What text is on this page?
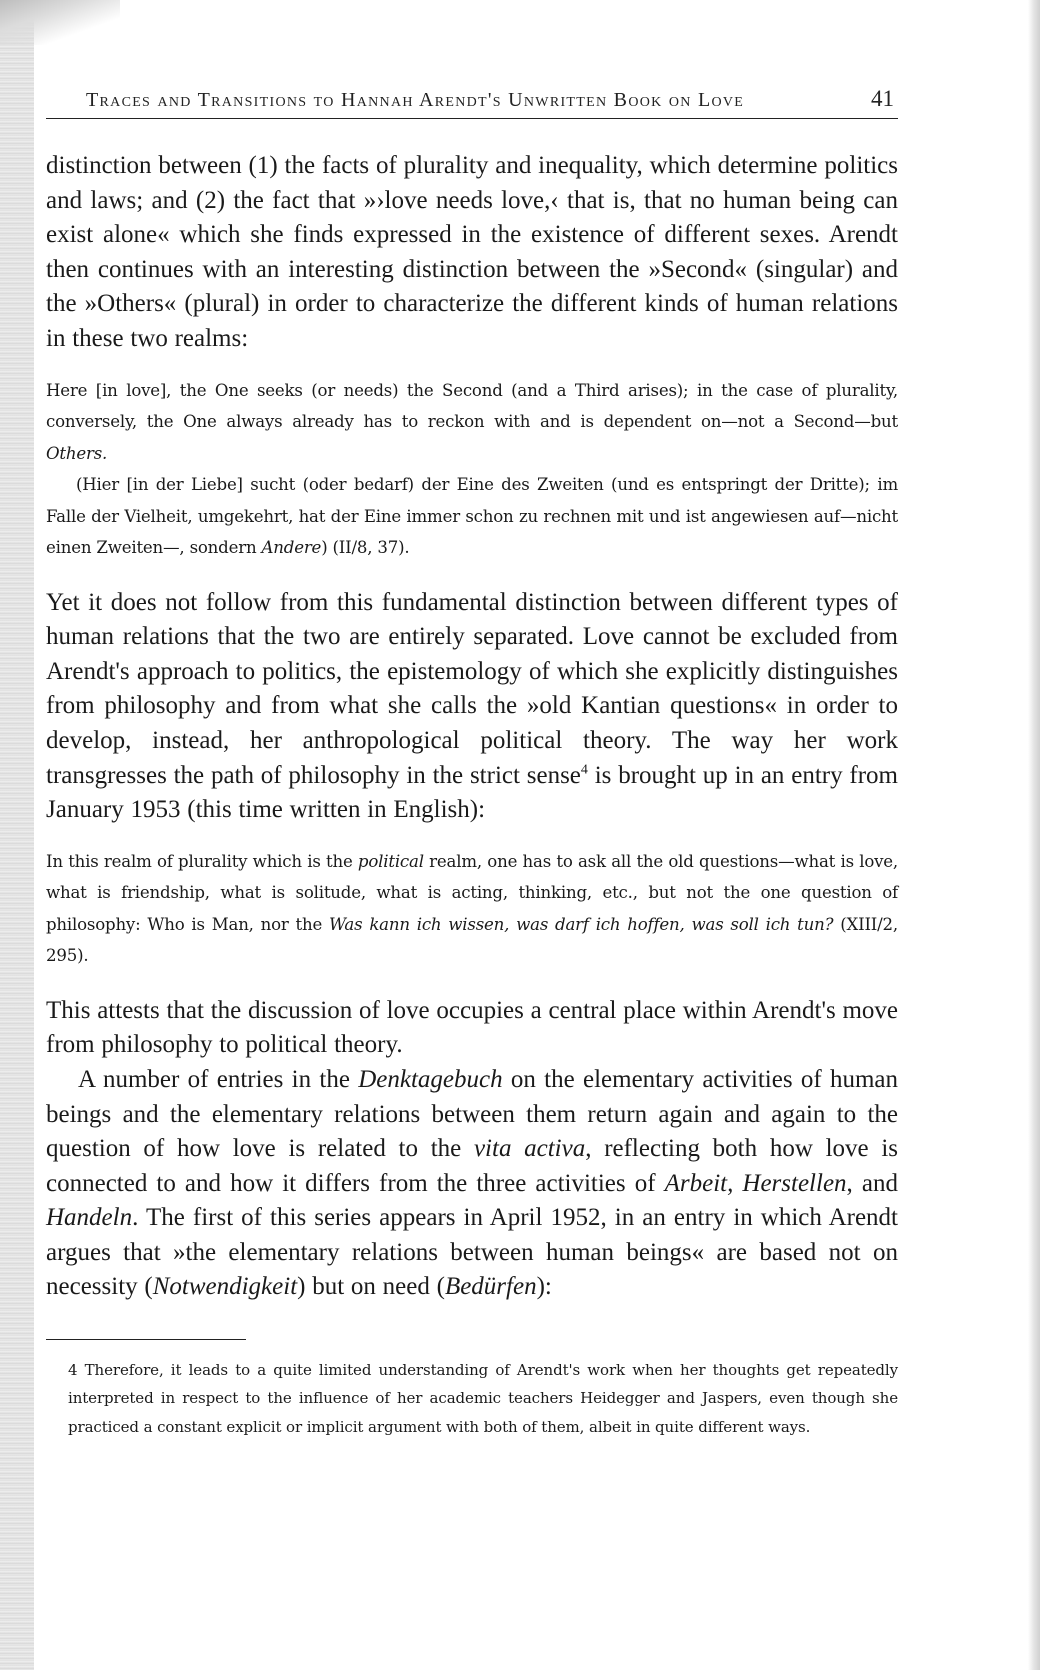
Traces and Transitions to Hannah Arendt's Unwritten Book on Love	41

distinction between (1) the facts of plurality and inequality, which determine politics and laws; and (2) the fact that »›love needs love,‹ that is, that no human being can exist alone« which she finds expressed in the existence of different sexes. Arendt then continues with an interesting distinction between the »Second« (singular) and the »Others« (plural) in order to characterize the different kinds of human relations in these two realms:

Here [in love], the One seeks (or needs) the Second (and a Third arises); in the case of plurality, conversely, the One always already has to reckon with and is dependent on—not a Second—but Others.

(Hier [in der Liebe] sucht (oder bedarf) der Eine des Zweiten (und es entspringt der Dritte); im Falle der Vielheit, umgekehrt, hat der Eine immer schon zu rechnen mit und ist angewiesen auf—nicht einen Zweiten—, sondern Andere) (II/8, 37).

Yet it does not follow from this fundamental distinction between different types of human relations that the two are entirely separated. Love cannot be excluded from Arendt's approach to politics, the epistemology of which she explicitly distinguishes from philosophy and from what she calls the »old Kantian questions« in order to develop, instead, her anthropological political theory. The way her work transgresses the path of philosophy in the strict sense$^4$ is brought up in an entry from January 1953 (this time written in English):

In this realm of plurality which is the political realm, one has to ask all the old questions—what is love, what is friendship, what is solitude, what is acting, thinking, etc., but not the one question of philosophy: Who is Man, nor the Was kann ich wissen, was darf ich hoffen, was soll ich tun? (XIII/2, 295).

This attests that the discussion of love occupies a central place within Arendt's move from philosophy to political theory.

A number of entries in the Denktagebuch on the elementary activities of human beings and the elementary relations between them return again and again to the question of how love is related to the vita activa, reflecting both how love is connected to and how it differs from the three activities of Arbeit, Herstellen, and Handeln. The first of this series appears in April 1952, in an entry in which Arendt argues that »the elementary relations between human beings« are based not on necessity (Notwendigkeit) but on need (Bedürfen):

4 Therefore, it leads to a quite limited understanding of Arendt's work when her thoughts get repeatedly interpreted in respect to the influence of her academic teachers Heidegger and Jaspers, even though she practiced a constant explicit or implicit argument with both of them, albeit in quite different ways.
